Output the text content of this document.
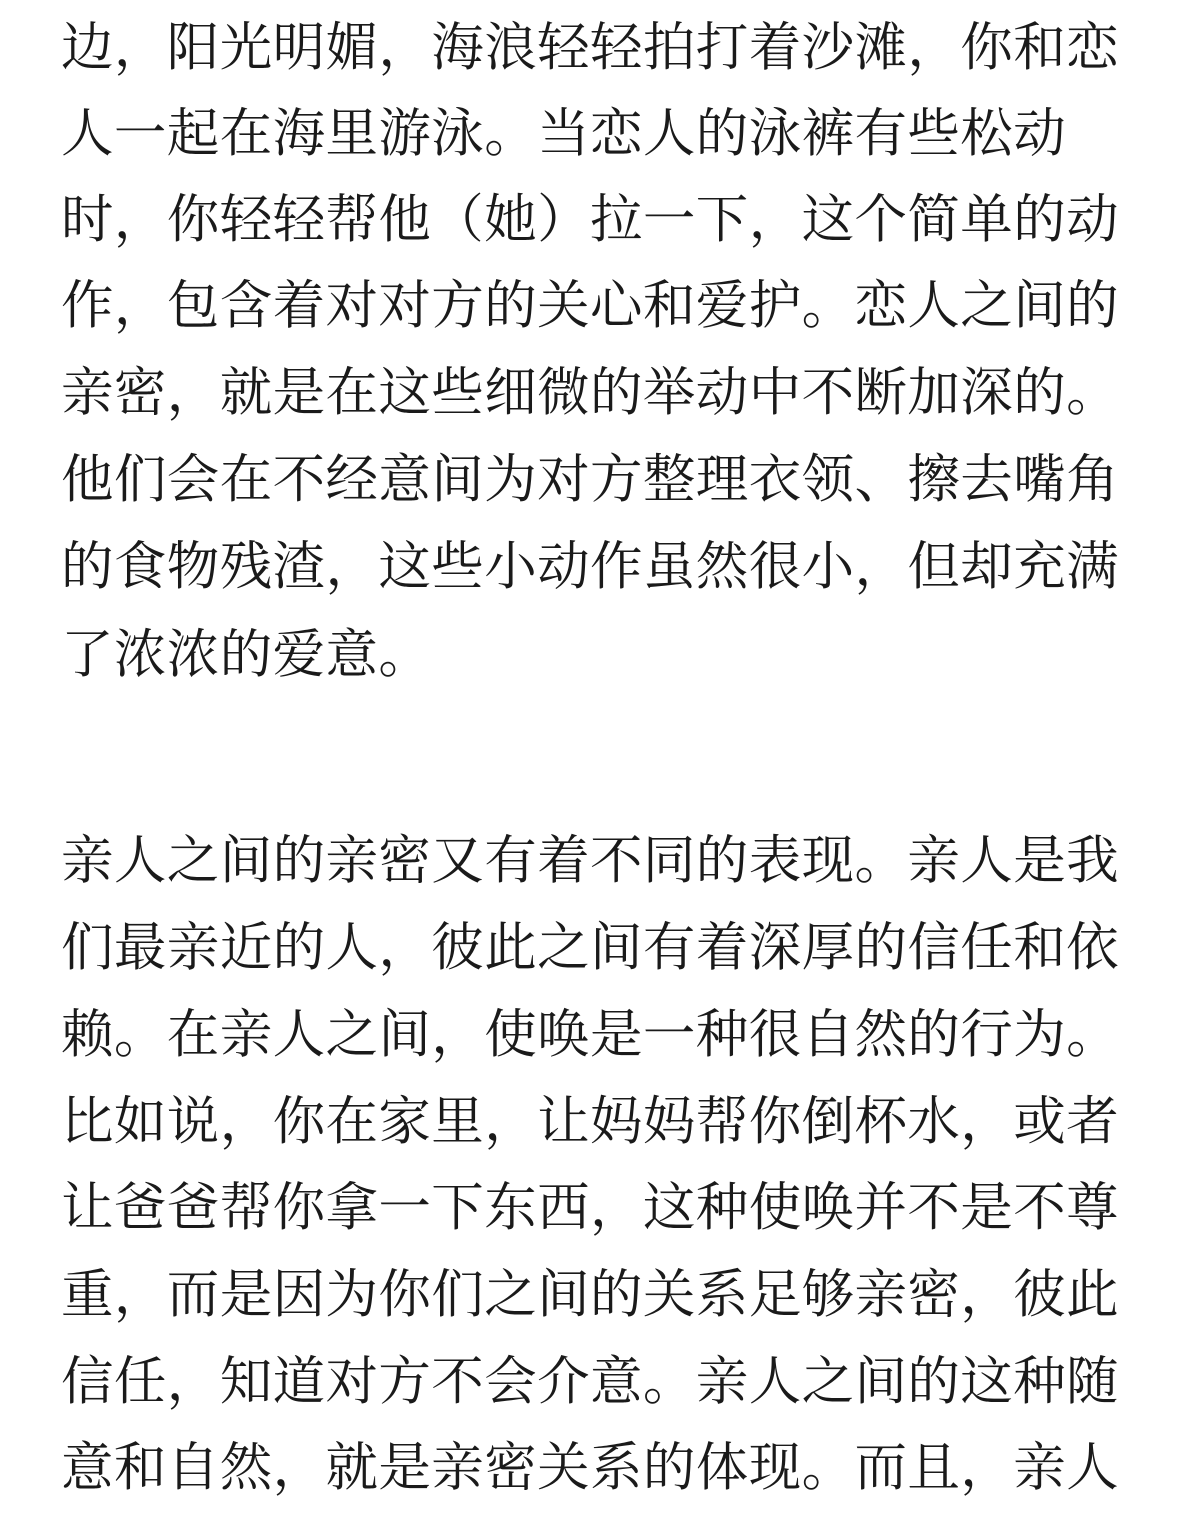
边，阳光明媚，海浪轻轻拍打着沙滩，你和恋
人一起在海里游泳。当恋人的泳裤有些松动
时，你轻轻帮他（她）拉一下，这个简单的动
作，包含着对对方的关心和爱护。恋人之间的
亲密，就是在这些细微的举动中不断加深的。
他们会在不经意间为对方整理衣领、擦去嘴角
的食物残渣，这些小动作虽然很小，但却充满
了浓浓的爱意。
亲人之间的亲密又有着不同的表现。亲人是我
们最亲近的人，彼此之间有着深厚的信任和依
赖。在亲人之间，使唤是一种很自然的行为。
比如说，你在家里，让妈妈帮你倒杯水，或者
让爸爸帮你拿一下东西，这种使唤并不是不尊
重，而是因为你们之间的关系足够亲密，彼此
信任，知道对方不会介意。亲人之间的这种随
意和自然，就是亲密关系的体现。而且，亲人
